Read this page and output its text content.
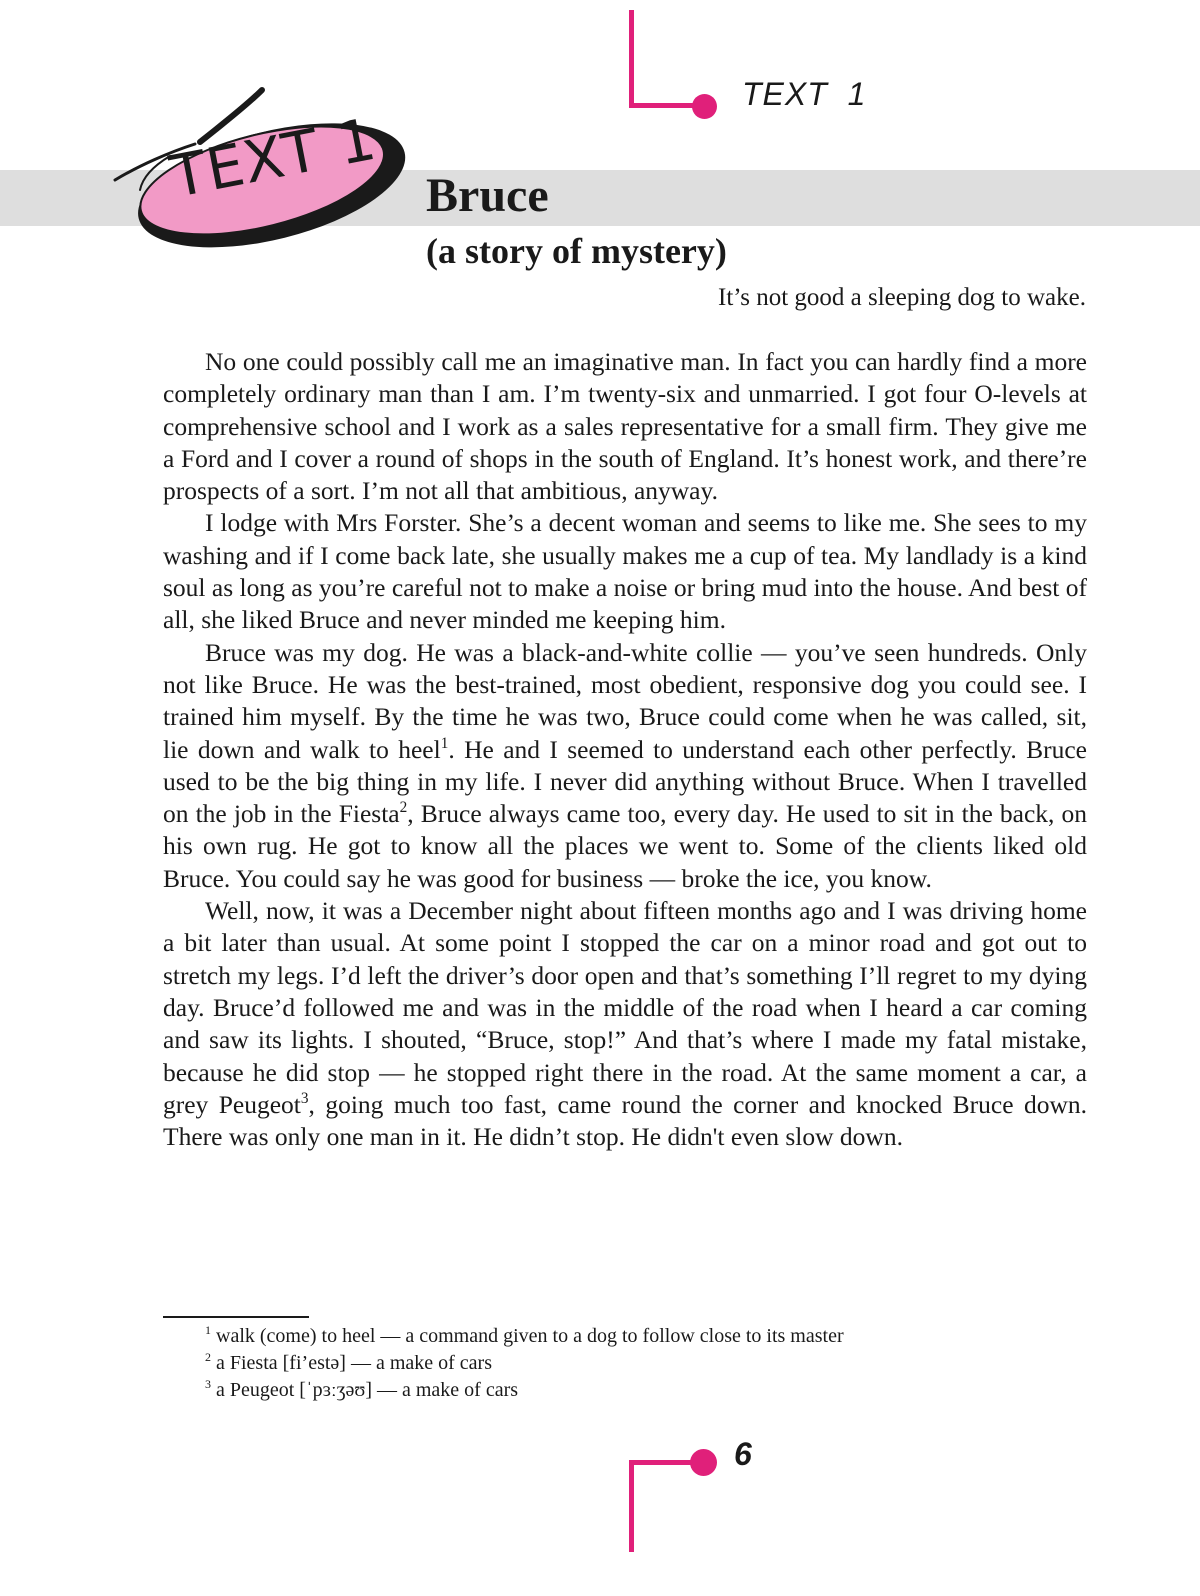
TEXT  1
TEXT 1 Bruce
(a story of mystery)
It’s not good a sleeping dog to wake.

No one could possibly call me an imaginative man. In fact you can hardly find a more completely ordinary man than I am. I’m twenty-six and unmarried. I got four O-levels at comprehensive school and I work as a sales representative for a small firm. They give me a Ford and I cover a round of shops in the south of England. It’s honest work, and there’re prospects of a sort. I’m not all that ambitious, anyway.

I lodge with Mrs Forster. She’s a decent woman and seems to like me. She sees to my washing and if I come back late, she usually makes me a cup of tea. My landlady is a kind soul as long as you’re careful not to make a noise or bring mud into the house. And best of all, she liked Bruce and never minded me keeping him.

Bruce was my dog. He was a black-and-white collie — you’ve seen hundreds. Only not like Bruce. He was the best-trained, most obedient, responsive dog you could see. I trained him myself. By the time he was two, Bruce could come when he was called, sit, lie down and walk to heel$^1$. He and I seemed to understand each other perfectly. Bruce used to be the big thing in my life. I never did anything without Bruce. When I travelled on the job in the Fiesta$^2$, Bruce always came too, every day. He used to sit in the back, on his own rug. He got to know all the places we went to. Some of the clients liked old Bruce. You could say he was good for business — broke the ice, you know.

Well, now, it was a December night about fifteen months ago and I was driving home a bit later than usual. At some point I stopped the car on a minor road and got out to stretch my legs. I’d left the driver’s door open and that’s something I’ll regret to my dying day. Bruce’d followed me and was in the middle of the road when I heard a car coming and saw its lights. I shouted, “Bruce, stop!” And that’s where I made my fatal mistake, because he did stop — he stopped right there in the road. At the same moment a car, a grey Peugeot$^3$, going much too fast, came round the corner and knocked Bruce down. There was only one man in it. He didn’t stop. He didn't even slow down.

$^1$ walk (come) to heel — a command given to a dog to follow close to its master
$^2$ a Fiesta [fi’estə] — a make of cars
$^3$ a Peugeot [ˈpɜːʒəʊ] — a make of cars
6
